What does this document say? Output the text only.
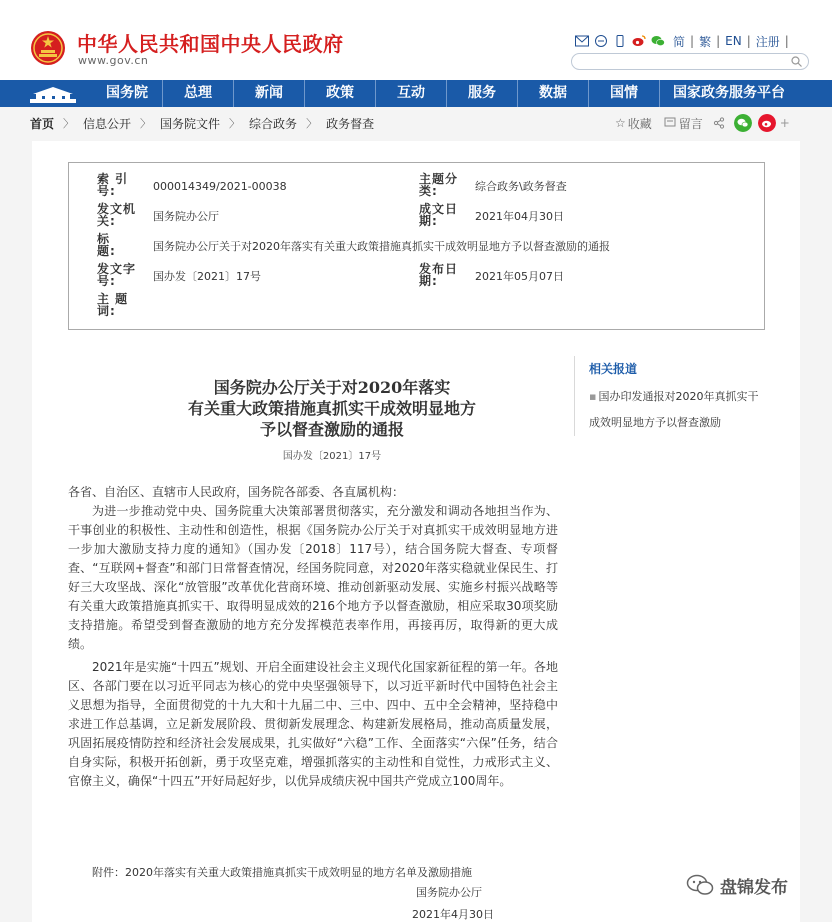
中华人民共和国中央人民政府
www.gov.cn
简 | 繁 | EN | 注册 |
国务院	总理	新闻	政策	互动	服务	数据	国情	国家政务服务平台
首页 〉 信息公开 〉 国务院文件 〉 综合政务 〉 政务督查	☆ 收藏 留言	+
索 引 号:	000014349/2021-00038
主题分类:	综合政务\政务督查
发文机关:	国务院办公厅
成文日期:	2021年04月30日
标 题:	国务院办公厅关于对2020年落实有关重大政策措施真抓实干成效明显地方予以督查激励的通报
发文字号:	国办发〔2021〕17号
发布日期:	2021年05月07日
主 题 词:
国务院办公厅关于对2020年落实
有关重大政策措施真抓实干成效明显地方
予以督查激励的通报
国办发〔2021〕17号

各省、自治区、直辖市人民政府，国务院各部委、各直属机构：

为进一步推动党中央、国务院重大决策部署贯彻落实，充分激发和调动各地担当作为、干事创业的积极性、主动性和创造性，根据《国务院办公厅关于对真抓实干成效明显地方进一步加大激励支持力度的通知》（国办发〔2018〕117号），结合国务院大督查、专项督查、“互联网+督查”和部门日常督查情况，经国务院同意，对2020年落实稳就业保民生、打好三大攻坚战、深化“放管服”改革优化营商环境、推动创新驱动发展、实施乡村振兴战略等有关重大政策措施真抓实干、取得明显成效的216个地方予以督查激励，相应采取30项奖励支持措施。希望受到督查激励的地方充分发挥模范表率作用，再接再厉，取得新的更大成绩。

2021年是实施“十四五”规划、开启全面建设社会主义现代化国家新征程的第一年。各地区、各部门要在以习近平同志为核心的党中央坚强领导下，以习近平新时代中国特色社会主义思想为指导，全面贯彻党的十九大和十九届二中、三中、四中、五中全会精神，坚持稳中求进工作总基调，立足新发展阶段、贯彻新发展理念、构建新发展格局，推动高质量发展，巩固拓展疫情防控和经济社会发展成果，扎实做好“六稳”工作、全面落实“六保”任务，结合自身实际，积极开拓创新，勇于攻坚克难，增强抓落实的主动性和自觉性，力戒形式主义、官僚主义，确保“十四五”开好局起好步，以优异成绩庆祝中国共产党成立100周年。

附件：2020年落实有关重大政策措施真抓实干成效明显的地方名单及激励措施
国务院办公厅
2021年4月30日
相关报道
▪ 国办印发通报对2020年真抓实干成效明显地方予以督查激励
盘锦发布
